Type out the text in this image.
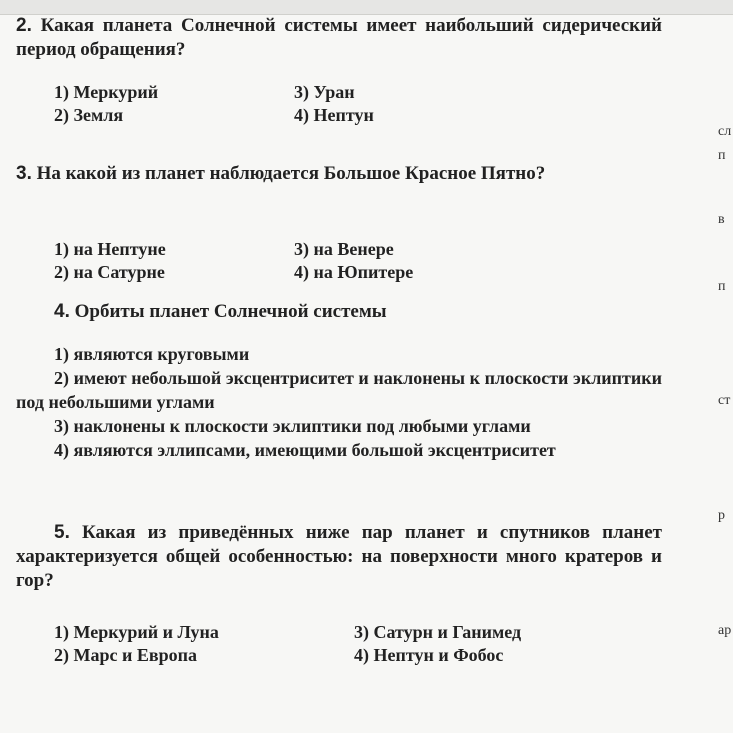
2. Какая планета Солнечной системы имеет наибольший сидерический период обращения?

1) Меркурий	3) Уран
2) Земля	4) Нептун

3. На какой из планет наблюдается Большое Красное Пятно?

1) на Нептуне	3) на Венере
2) на Сатурне	4) на Юпитере

4. Орбиты планет Солнечной системы

1) являются круговыми
2) имеют небольшой эксцентриситет и наклонены к плоскости эклиптики под небольшими углами
3) наклонены к плоскости эклиптики под любыми углами
4) являются эллипсами, имеющими большой эксцентриситет

5. Какая из приведённых ниже пар планет и спутников планет характеризуется общей особенностью: на поверхности много кратеров и гор?

1) Меркурий и Луна	3) Сатурн и Ганимед
2) Марс и Европа	4) Нептун и Фобос
сл
п
в
п
ст
р
ар
